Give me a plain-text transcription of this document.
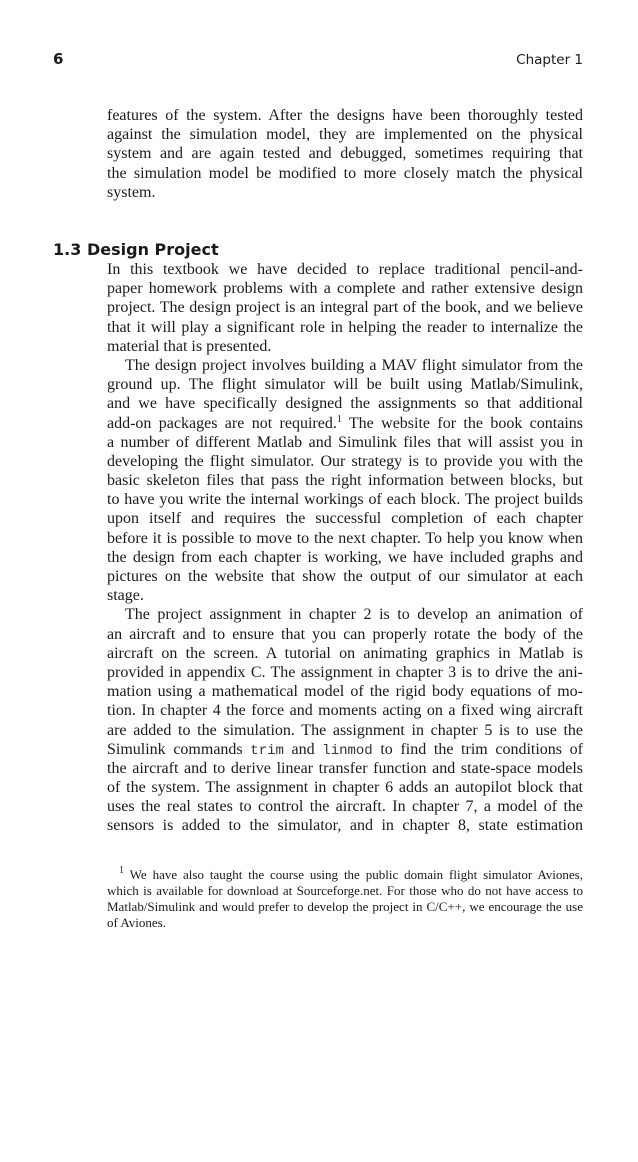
6	Chapter 1
features of the system. After the designs have been thoroughly tested
against the simulation model, they are implemented on the physical
system and are again tested and debugged, sometimes requiring that
the simulation model be modified to more closely match the physical
system.
1.3 Design Project
In this textbook we have decided to replace traditional pencil-and-
paper homework problems with a complete and rather extensive design
project. The design project is an integral part of the book, and we believe
that it will play a significant role in helping the reader to internalize the
material that is presented.
The design project involves building a MAV flight simulator from the
ground up. The flight simulator will be built using Matlab/Simulink,
and we have specifically designed the assignments so that additional
add-on packages are not required.$^1$ The website for the book contains
a number of different Matlab and Simulink files that will assist you in
developing the flight simulator. Our strategy is to provide you with the
basic skeleton files that pass the right information between blocks, but
to have you write the internal workings of each block. The project builds
upon itself and requires the successful completion of each chapter
before it is possible to move to the next chapter. To help you know when
the design from each chapter is working, we have included graphs and
pictures on the website that show the output of our simulator at each
stage.
The project assignment in chapter 2 is to develop an animation of
an aircraft and to ensure that you can properly rotate the body of the
aircraft on the screen. A tutorial on animating graphics in Matlab is
provided in appendix C. The assignment in chapter 3 is to drive the ani-
mation using a mathematical model of the rigid body equations of mo-
tion. In chapter 4 the force and moments acting on a fixed wing aircraft
are added to the simulation. The assignment in chapter 5 is to use the
Simulink commands trim and linmod to find the trim conditions of
the aircraft and to derive linear transfer function and state-space models
of the system. The assignment in chapter 6 adds an autopilot block that
uses the real states to control the aircraft. In chapter 7, a model of the
sensors is added to the simulator, and in chapter 8, state estimation
$^1$ We have also taught the course using the public domain flight simulator Aviones,
which is available for download at Sourceforge.net. For those who do not have access to
Matlab/Simulink and would prefer to develop the project in C/C++, we encourage the use
of Aviones.
